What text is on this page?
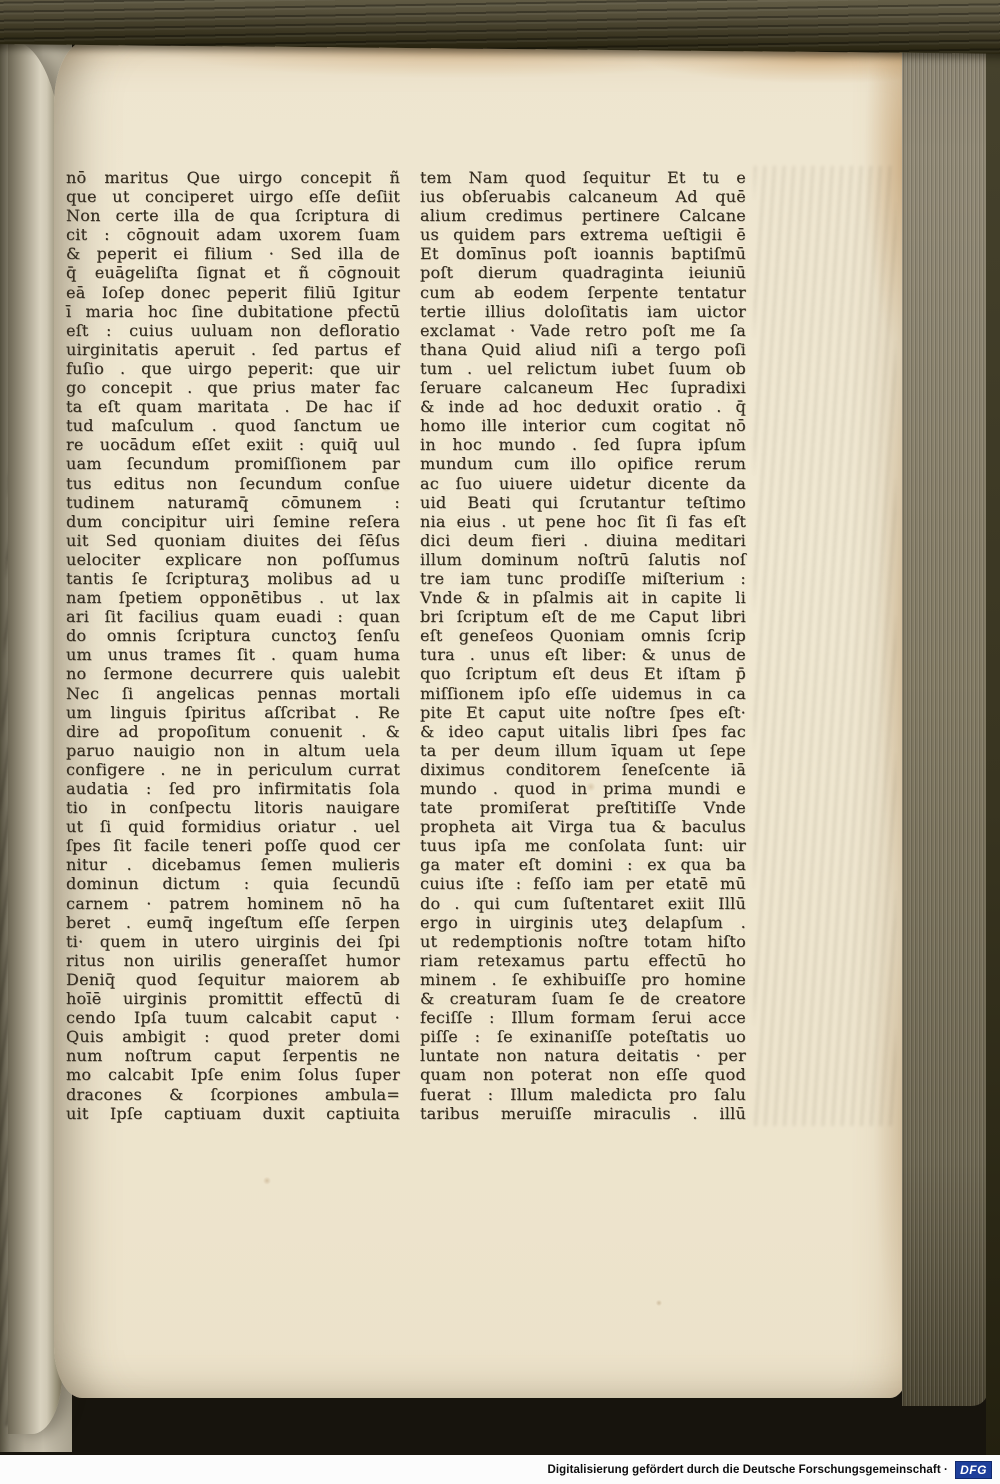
nō maritus Que uirgo concepit ñ
que ut conciperet uirgo eſſe deſiit
Non certe illa de qua ſcriptura di
cit : cōgnouit adam uxorem ſuam
& peperit ei filium · Sed illa de
q̄ euāgeliſta ſignat et ñ cōgnouit
eā Ioſep donec peperit filiū Igitur
ī maria hoc ſine dubitatione pfectū
eſt : cuius uuluam non defloratio
uirginitatis aperuit . ſed partus ef
fuſio . que uirgo peperit: que uir
go concepit . que prius mater fac
ta eſt quam maritata . De hac iſ
tud maſculum . quod ſanctum ue
re uocādum eſſet exiit : quiq̄ uul
uam ſecundum promiſſionem par
tus editus non ſecundum conſue
tudinem naturamq̄ cōmunem :
dum concipitur uiri ſemine reſera
uit Sed quoniam diuites dei ſēſus
uelociter explicare non poſſumus
tantis ſe ſcripturaʒ molibus ad u
nam ſpetiem opponētibus . ut lax
ari ſit facilius quam euadi : quan
do omnis ſcriptura cunctoʒ ſenſu
um unus trames ſit . quam huma
no ſermone decurrere quis ualebit
Nec ſi angelicas pennas mortali
um linguis ſpiritus aſſcribat . Re
dire ad propoſitum conuenit . &
paruo nauigio non in altum uela
configere . ne in periculum currat
audatia : ſed pro infirmitatis ſola
tio in conſpectu litoris nauigare
ut ſi quid formidius oriatur . uel
ſpes ſit facile teneri poſſe quod cer
nitur . dicebamus ſemen mulieris
dominun dictum : quia ſecundū
carnem · patrem hominem nō ha
beret . eumq̄ ingeſtum eſſe ſerpen
ti· quem in utero uirginis dei ſpi
ritus non uirilis generaſſet humor
Deniq̄ quod ſequitur maiorem ab
hoīē uirginis promittit effectū di
cendo Ipſa tuum calcabit caput ·
Quis ambigit : quod preter domi
num noſtrum caput ſerpentis ne
mo calcabit Ipſe enim ſolus ſuper
dracones & ſcorpiones ambula=
uit Ipſe captiuam duxit captiuita
tem Nam quod ſequitur Et tu e
ius obſeruabis calcaneum Ad quē
alium credimus pertinere Calcane
us quidem pars extrema ueſtigii ē
Et domīnus poſt ioannis baptiſmū
poſt dierum quadraginta ieiuniū
cum ab eodem ſerpente tentatur
tertie illius doloſitatis iam uictor
exclamat · Vade retro poſt me ſa
thana Quid aliud niſi a tergo poſi
tum . uel relictum iubet ſuum ob
ſeruare calcaneum Hec ſupradixi
& inde ad hoc deduxit oratio . q̄
homo ille interior cum cogitat nō
in hoc mundo . ſed ſupra ipſum
mundum cum illo opifice rerum
ac ſuo uiuere uidetur dicente da
uid Beati qui ſcrutantur teſtimo
nia eius . ut pene hoc ſit ſi fas eſt
dici deum fieri . diuina meditari
illum dominum noſtrū ſalutis noſ
tre iam tunc prodiſſe miſterium :
Vnde & in pſalmis ait in capite li
bri ſcriptum eſt de me Caput libri
eſt geneſeos Quoniam omnis ſcrip
tura . unus eſt liber: & unus de
quo ſcriptum eſt deus Et iſtam p̄
miſſionem ipſo eſſe uidemus in ca
pite Et caput uite noſtre ſpes eſt·
& ideo caput uitalis libri ſpes fac
ta per deum illum īquam ut ſepe
diximus conditorem ſeneſcente iā
mundo . quod in prima mundi e
tate promiſerat preſtitiſſe Vnde
propheta ait Virga tua & baculus
tuus ipſa me conſolata ſunt: uir
ga mater eſt domini : ex qua ba
cuius iſte : feſſo iam per etatē mū
do . qui cum ſuſtentaret exiit Illū
ergo in uirginis uteʒ delapſum .
ut redemptionis noſtre totam hiſto
riam retexamus partu effectū ho
minem . ſe exhibuiſſe pro homine
& creaturam ſuam ſe de creatore
feciſſe : Illum formam ſerui acce
piſſe : ſe exinaniſſe poteſtatis uo
luntate non natura deitatis · per
quam non poterat non eſſe quod
fuerat : Illum maledicta pro ſalu
taribus meruiſſe miraculis . illū
Digitalisierung gefördert durch die Deutsche Forschungsgemeinschaft ·	DFG
